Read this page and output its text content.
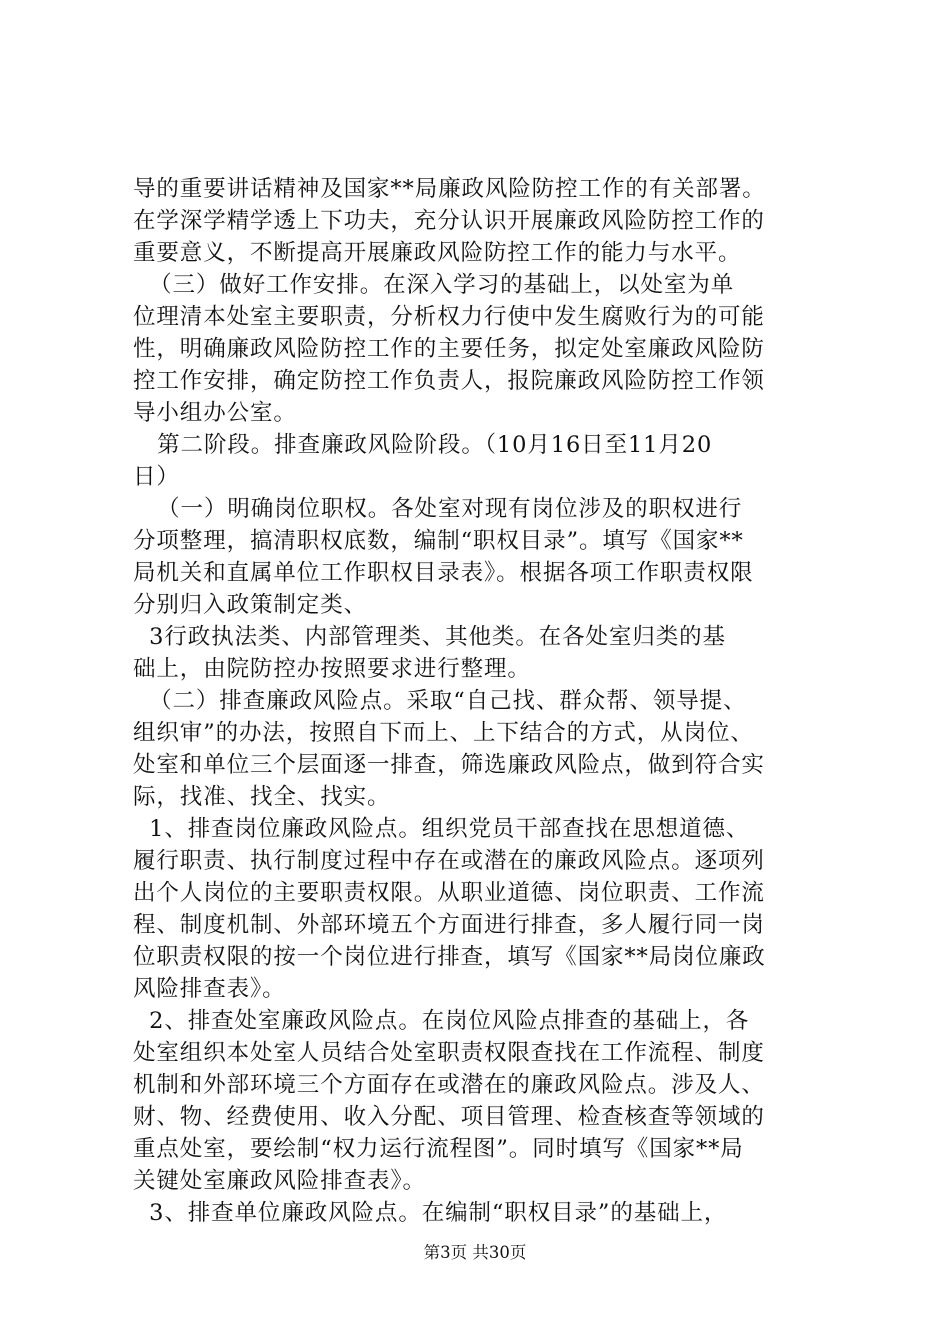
导的重要讲话精神及国家**局廉政风险防控工作的有关部署。
在学深学精学透上下功夫，充分认识开展廉政风险防控工作的
重要意义，不断提高开展廉政风险防控工作的能力与水平。
（三）做好工作安排。在深入学习的基础上，以处室为单
位理清本处室主要职责，分析权力行使中发生腐败行为的可能
性，明确廉政风险防控工作的主要任务，拟定处室廉政风险防
控工作安排，确定防控工作负责人，报院廉政风险防控工作领
导小组办公室。
第二阶段。排查廉政风险阶段。（10月16日至11月20
日）
（一）明确岗位职权。各处室对现有岗位涉及的职权进行
分项整理，搞清职权底数，编制“职权目录”。填写《国家**
局机关和直属单位工作职权目录表》。根据各项工作职责权限
分别归入政策制定类、
3行政执法类、内部管理类、其他类。在各处室归类的基
础上，由院防控办按照要求进行整理。
（二）排查廉政风险点。采取“自己找、群众帮、领导提、
组织审”的办法，按照自下而上、上下结合的方式，从岗位、
处室和单位三个层面逐一排查，筛选廉政风险点，做到符合实
际，找准、找全、找实。
1、排查岗位廉政风险点。组织党员干部查找在思想道德、
履行职责、执行制度过程中存在或潜在的廉政风险点。逐项列
出个人岗位的主要职责权限。从职业道德、岗位职责、工作流
程、制度机制、外部环境五个方面进行排查，多人履行同一岗
位职责权限的按一个岗位进行排查，填写《国家**局岗位廉政
风险排查表》。
2、排查处室廉政风险点。在岗位风险点排查的基础上，各
处室组织本处室人员结合处室职责权限查找在工作流程、制度
机制和外部环境三个方面存在或潜在的廉政风险点。涉及人、
财、物、经费使用、收入分配、项目管理、检查核查等领域的
重点处室，要绘制“权力运行流程图”。同时填写《国家**局
关键处室廉政风险排查表》。
3、排查单位廉政风险点。在编制“职权目录”的基础上，
第3页 共30页
